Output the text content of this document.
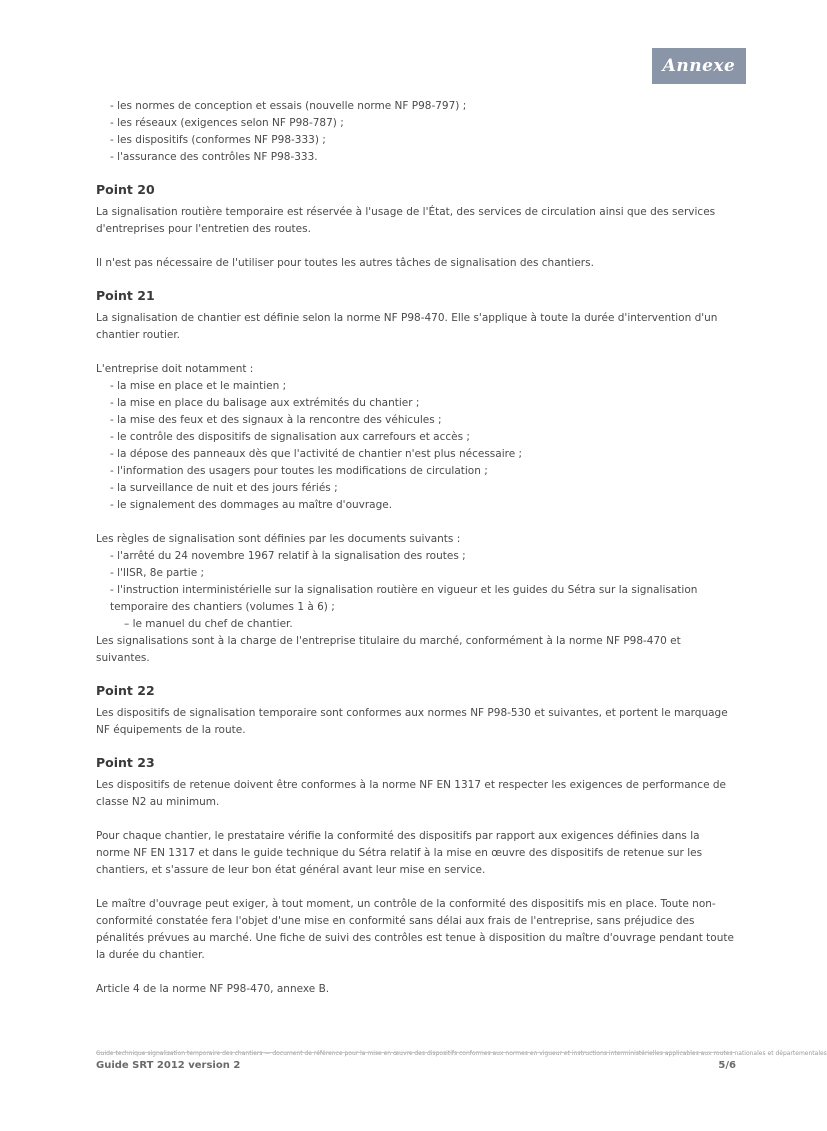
Annexe
- les normes de conception et essais (nouvelle norme NF P98-797) ;
- les réseaux (exigences selon NF P98-787) ;
- les dispositifs (conformes NF P98-333) ;
- l'assurance des contrôles NF P98-333.
Point 20

La signalisation routière temporaire est réservée à l'usage de l'État, des services de circulation ainsi que des services d'entreprises pour l'entretien des routes.

Il n'est pas nécessaire de l'utiliser pour toutes les autres tâches de signalisation des chantiers.

Point 21

La signalisation de chantier est définie selon la norme NF P98-470. Elle s'applique à toute la durée d'intervention d'un chantier routier.

L'entreprise doit notamment :

- la mise en place et le maintien ;
- la mise en place du balisage aux extrémités du chantier ;
- la mise des feux et des signaux à la rencontre des véhicules ;
- le contrôle des dispositifs de signalisation aux carrefours et accès ;
- la dépose des panneaux dès que l'activité de chantier n'est plus nécessaire ;
- l'information des usagers pour toutes les modifications de circulation ;
- la surveillance de nuit et des jours fériés ;
- le signalement des dommages au maître d'ouvrage.

Les règles de signalisation sont définies par les documents suivants :

- l'arrêté du 24 novembre 1967 relatif à la signalisation des routes ;
- l'IISR, 8e partie ;
- l'instruction interministérielle sur la signalisation routière en vigueur et les guides du Sétra sur la signalisation temporaire des chantiers (volumes 1 à 6) ;
– le manuel du chef de chantier.

Les signalisations sont à la charge de l'entreprise titulaire du marché, conformément à la norme NF P98-470 et suivantes.

Point 22

Les dispositifs de signalisation temporaire sont conformes aux normes NF P98-530 et suivantes, et portent le marquage NF équipements de la route.

Point 23

Les dispositifs de retenue doivent être conformes à la norme NF EN 1317 et respecter les exigences de performance de classe N2 au minimum.

Pour chaque chantier, le prestataire vérifie la conformité des dispositifs par rapport aux exigences définies dans la norme NF EN 1317 et dans le guide technique du Sétra relatif à la mise en œuvre des dispositifs de retenue sur les chantiers, et s'assure de leur bon état général avant leur mise en service.

Le maître d'ouvrage peut exiger, à tout moment, un contrôle de la conformité des dispositifs mis en place. Toute non-conformité constatée fera l'objet d'une mise en conformité sans délai aux frais de l'entreprise, sans préjudice des pénalités prévues au marché. Une fiche de suivi des contrôles est tenue à disposition du maître d'ouvrage pendant toute la durée du chantier.

Article 4 de la norme NF P98-470, annexe B.

Guide technique signalisation temporaire des chantiers — document de référence pour la mise en œuvre des dispositifs conformes aux normes en vigueur et instructions interministérielles applicables aux routes nationales et départementales
Guide SRT 2012 version 2	5/6
